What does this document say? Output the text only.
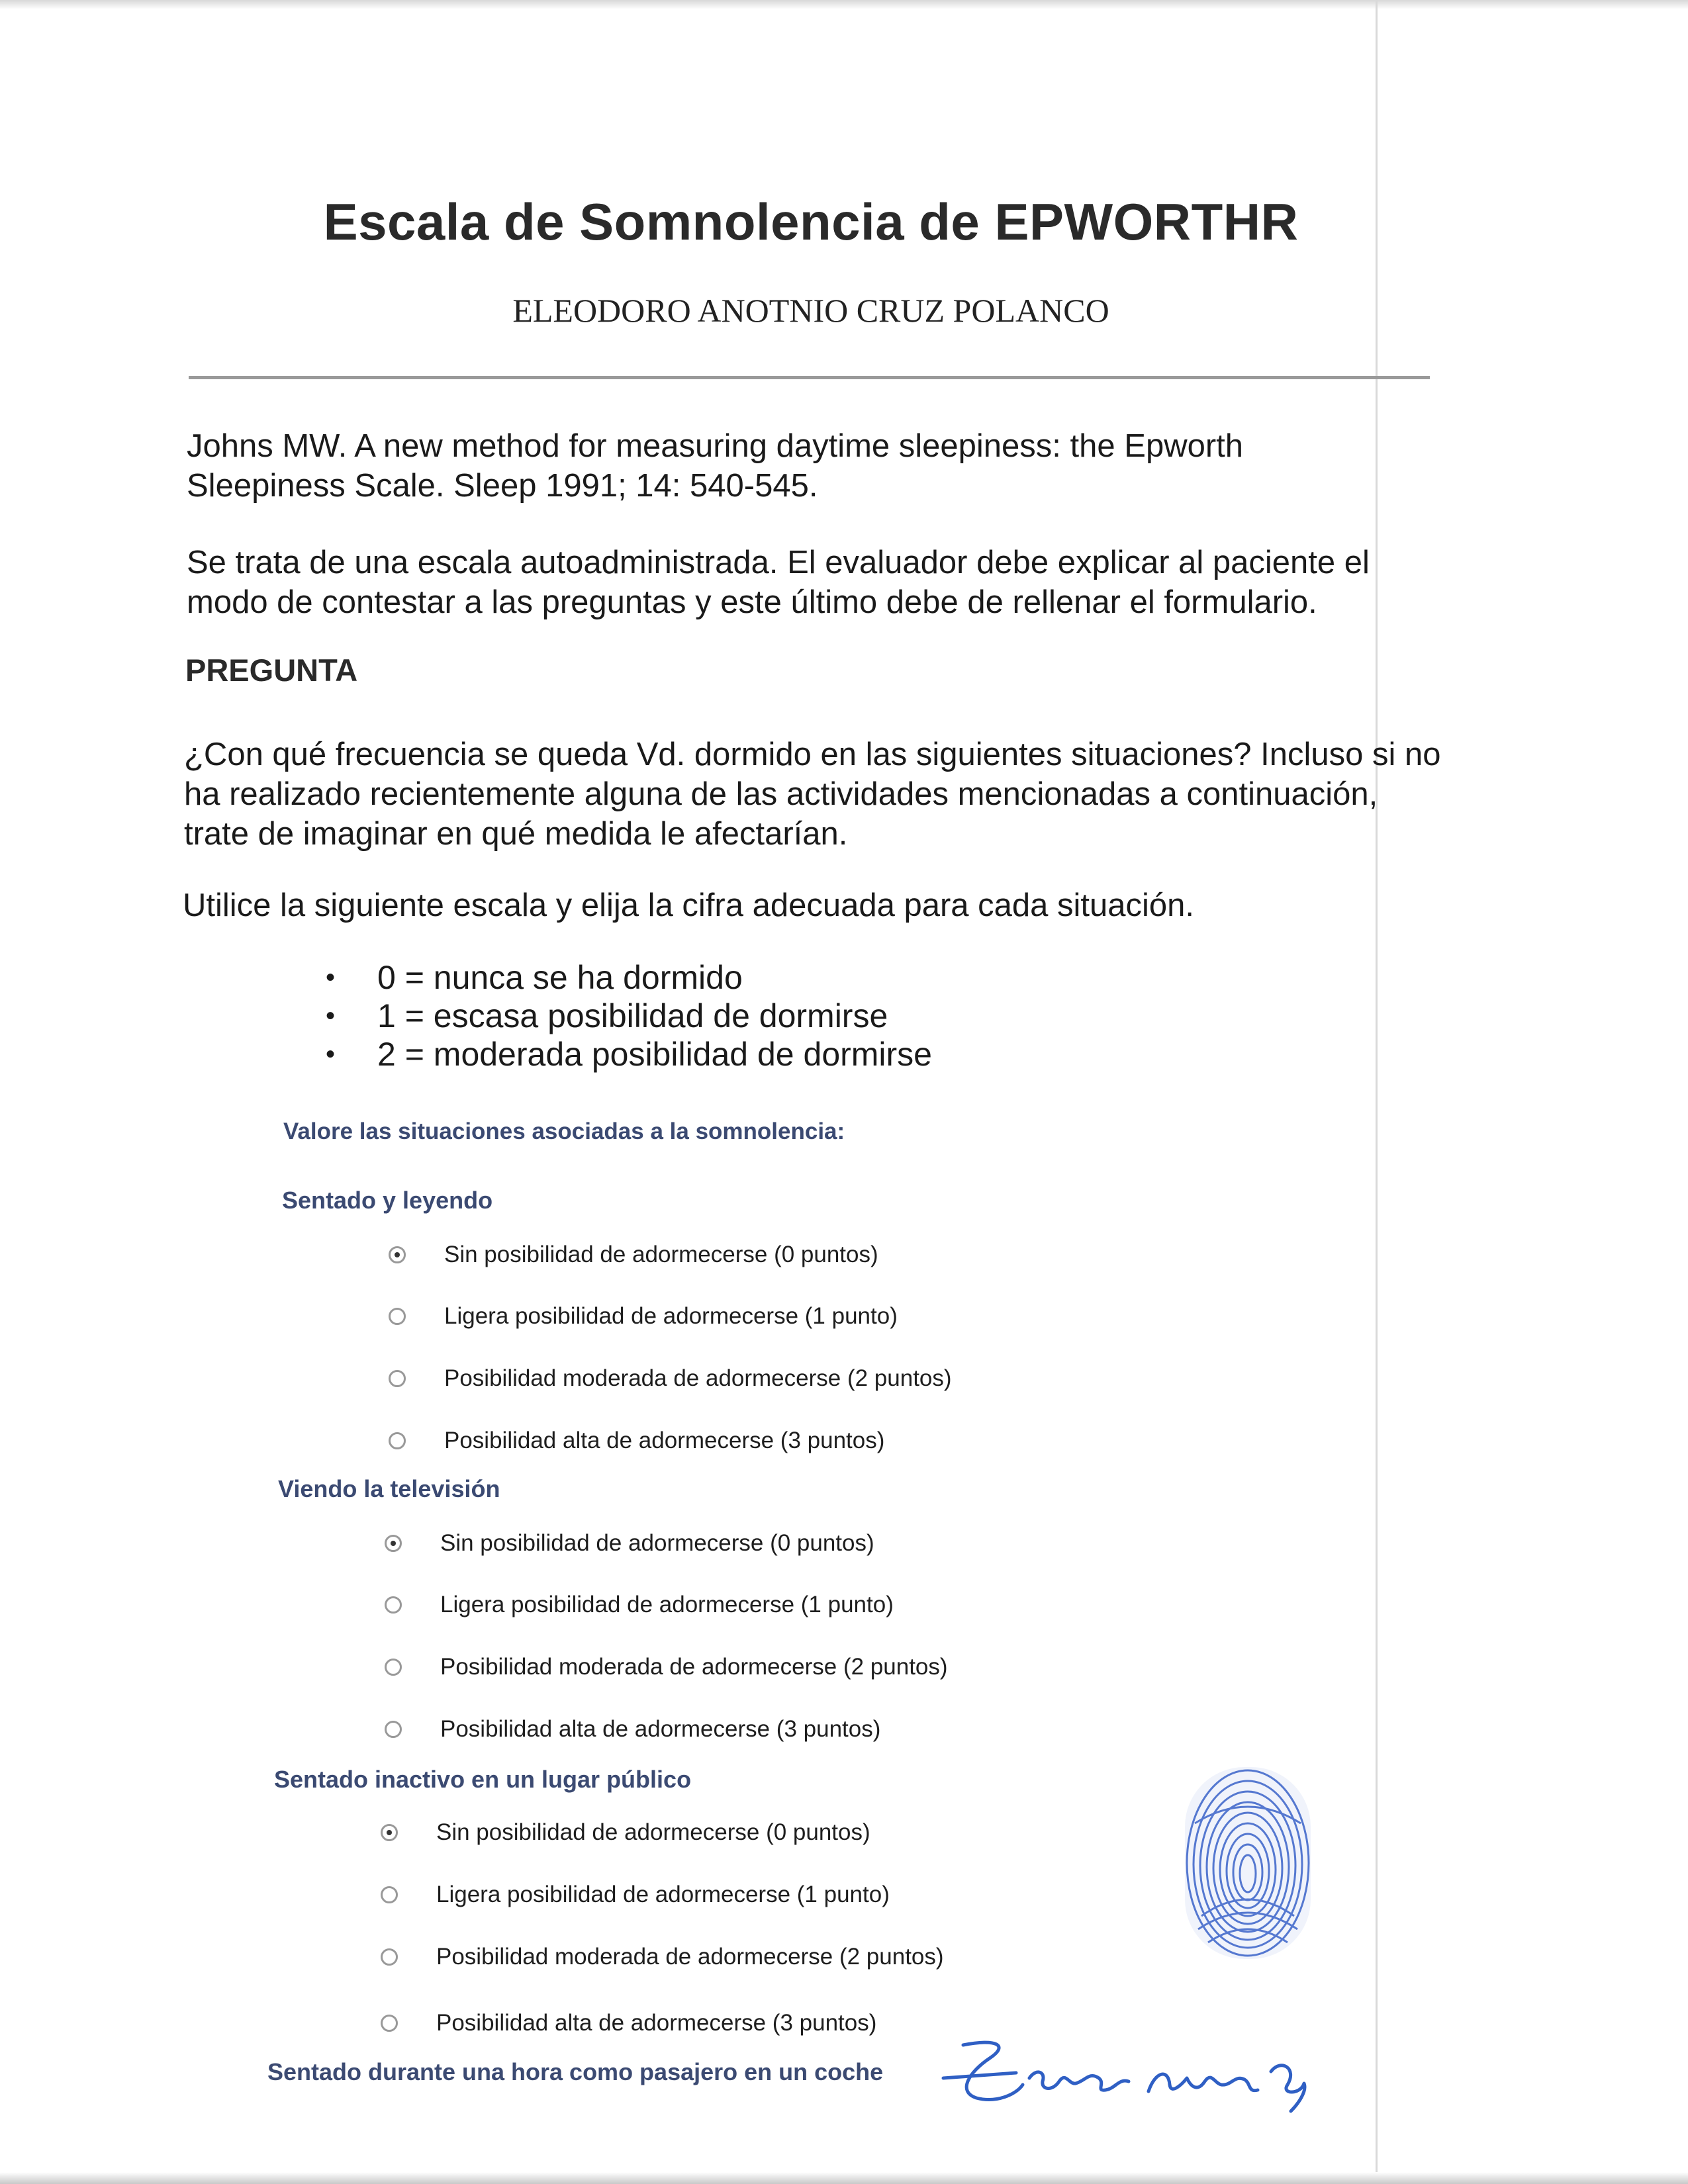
Escala de Somnolencia de EPWORTHR
ELEODORO ANOTNIO CRUZ POLANCO

Johns MW. A new method for measuring daytime sleepiness: the Epworth Sleepiness Scale. Sleep 1991; 14: 540-545.

Se trata de una escala autoadministrada. El evaluador debe explicar al paciente el modo de contestar a las preguntas y este último debe de rellenar el formulario.

PREGUNTA

¿Con qué frecuencia se queda Vd. dormido en las siguientes situaciones? Incluso si no ha realizado recientemente alguna de las actividades mencionadas a continuación, trate de imaginar en qué medida le afectarían.

Utilice la siguiente escala y elija la cifra adecuada para cada situación.

• 0 = nunca se ha dormido
• 1 = escasa posibilidad de dormirse
• 2 = moderada posibilidad de dormirse
Valore las situaciones asociadas a la somnolencia:
Sentado y leyendo
Sin posibilidad de adormecerse (0 puntos)
Ligera posibilidad de adormecerse (1 punto)
Posibilidad moderada de adormecerse (2 puntos)
Posibilidad alta de adormecerse (3 puntos)
Viendo la televisión
Sin posibilidad de adormecerse (0 puntos)
Ligera posibilidad de adormecerse (1 punto)
Posibilidad moderada de adormecerse (2 puntos)
Posibilidad alta de adormecerse (3 puntos)
Sentado inactivo en un lugar público
Sin posibilidad de adormecerse (0 puntos)
Ligera posibilidad de adormecerse (1 punto)
Posibilidad moderada de adormecerse (2 puntos)
Posibilidad alta de adormecerse (3 puntos)
Sentado durante una hora como pasajero en un coche
